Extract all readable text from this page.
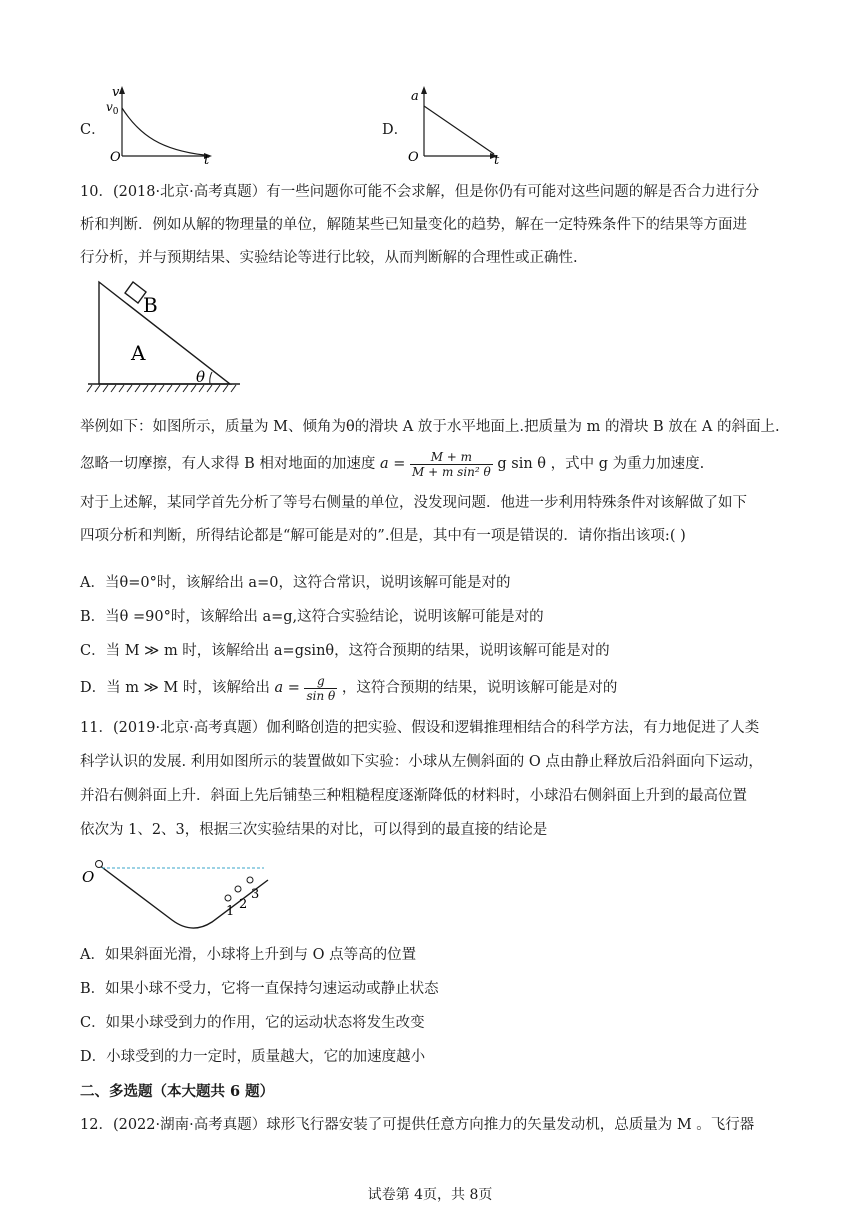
C．
v
$v_0$
O	t
D．
a
O	t
10．(2018·北京·高考真题）有一些问题你可能不会求解，但是你仍有可能对这些问题的解是否合力进行分
析和判断．例如从解的物理量的单位，解随某些已知量变化的趋势，解在一定特殊条件下的结果等方面进
行分析，并与预期结果、实验结论等进行比较，从而判断解的合理性或正确性.
B
A
θ
举例如下：如图所示，质量为 M、倾角为θ的滑块 A 放于水平地面上.把质量为 m 的滑块 B 放在 A 的斜面上.
忽略一切摩擦，有人求得 B 相对地面的加速度 $a = \frac{M + m}{\text{M + m sin² θ}}$ g sin θ ，式中 g 为重力加速度.
对于上述解，某同学首先分析了等号右侧量的单位，没发现问题．他进一步利用特殊条件对该解做了如下
四项分析和判断，所得结论都是“解可能是对的”.但是，其中有一项是错误的．请你指出该项:( )
A．当θ=0°时，该解给出 a=0，这符合常识，说明该解可能是对的
B．当θ =90°时，该解给出 a=g,这符合实验结论，说明该解可能是对的
C．当 M ≫ m 时，该解给出 a=gsinθ，这符合预期的结果，说明该解可能是对的
D．当 m ≫ M 时，该解给出 $a = \frac{g}{\text{sin θ}}$ ，这符合预期的结果，说明该解可能是对的
11．(2019·北京·高考真题）伽利略创造的把实验、假设和逻辑推理相结合的科学方法，有力地促进了人类
科学认识的发展. 利用如图所示的装置做如下实验：小球从左侧斜面的 O 点由静止释放后沿斜面向下运动，
并沿右侧斜面上升．斜面上先后铺垫三种粗糙程度逐渐降低的材料时，小球沿右侧斜面上升到的最高位置
依次为 1、2、3，根据三次实验结果的对比，可以得到的最直接的结论是
O
1 2
3
A．如果斜面光滑，小球将上升到与 O 点等高的位置
B．如果小球不受力，它将一直保持匀速运动或静止状态
C．如果小球受到力的作用，它的运动状态将发生改变
D．小球受到的力一定时，质量越大，它的加速度越小
二、多选题（本大题共 6 题）
12．(2022·湖南·高考真题）球形飞行器安装了可提供任意方向推力的矢量发动机，总质量为 M 。飞行器
试卷第 4页，共 8页
